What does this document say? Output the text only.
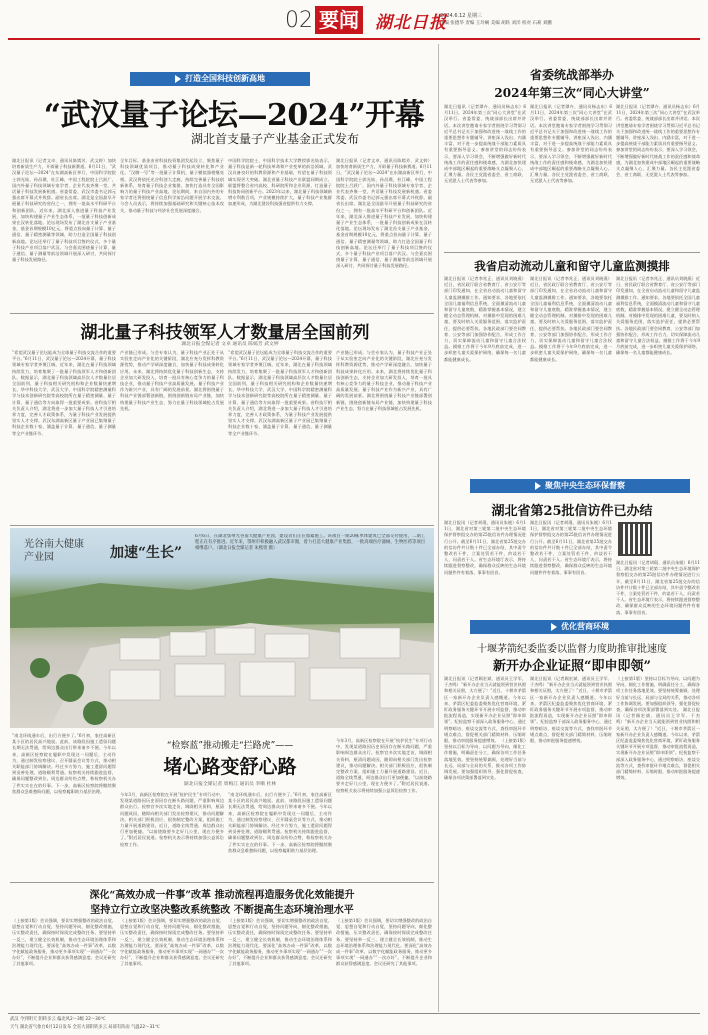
02 要闻 湖北日报
2024.6.12 星期三
主编 张德华 责编 王玲娴 美编 胡轶 刘洋 校对 石莉 刘鹏
打造全国科技创新高地
“武汉量子论坛—2024”开幕
湖北首支量子产业基金正式发布
湖北日报讯（记者文卓、通讯员陈嫣芳、武文婷）加快培育新质生产力，开辟量子科技新赛道。6月11日，“武汉量子论坛—2024”在东湖高新区举行，中国科学院院士郭光灿、孙昌璞、杜江峰，中国工程院院士吕跃广，国内外量子科技领域专家学者、企业代表齐聚一堂，共话量子科技发展新机遇。省委常委、武汉市委书记郭元强出席开幕式并致辞。副省长出席。湖北是全国最早开展量子科技研究的省份之一，拥有一批高水平科研平台和创新团队。近年来，湖北深入推进量子科技产业发展，加快构建量子产业生态体系，一批量子科技创新成果在汉转化落地。论坛现场发布了湖北首支量子产业基金，基金首期规模10亿元，将重点投向量子计算、量子通信、量子精密测量等领域，助力打造全国量子科技创新高地。论坛还举行了量子科技项目签约仪式，多个量子科技产业项目落户武汉。与会嘉宾围绕量子计算、量子通信、量子测量等前沿领域开展深入研讨，共同探讨量子科技发展路径。
全年目标。基金由省科技投资集团发起设立，聚焦量子科技领域优质项目，推动量子科技成果转化和产业化。“汉腾一号”等一批量子计算机、量子模拟器相继亮相。武汉将依托光谷科创大走廊，持续完善量子科技创新体系，培育量子科技企业集群，加快打造具有全国影响力的量子科技产业高地。论坛期间，来自国内外的专家学者还将围绕量子信息科学前沿问题开展学术交流。与会人员表示，将持续加强基础研究和关键核心技术攻关，推动量子科技与经济社会发展深度融合。
中国科学院院士、中国科学技术大学教授郭光灿表示，量子科技是新一轮科技革命和产业变革的前沿领域，武汉具备良好的科教资源和产业基础，有望在量子科技领域实现更大突破。湖北省量子科技产业联盟同期成立，联盟将整合省内高校、科研院所和企业资源，打造量子科技协同创新平台。2023年以来，湖北量子科技领域新增专利数百项，产业规模持续扩大，量子科技产业集群加速形成，为湖北建设科技强省提供有力支撑。
湖北日报讯（记者文卓、通讯员陈嫣芳、武文婷）加快培育新质生产力，开辟量子科技新赛道。6月11日，“武汉量子论坛—2024”在东湖高新区举行，中国科学院院士郭光灿、孙昌璞、杜江峰，中国工程院院士吕跃广，国内外量子科技领域专家学者、企业代表齐聚一堂，共话量子科技发展新机遇。省委常委、武汉市委书记郭元强出席开幕式并致辞。副省长出席。湖北是全国最早开展量子科技研究的省份之一，拥有一批高水平科研平台和创新团队。近年来，湖北深入推进量子科技产业发展，加快构建量子产业生态体系，一批量子科技创新成果在汉转化落地。论坛现场发布了湖北首支量子产业基金，基金首期规模10亿元，将重点投向量子计算、量子通信、量子精密测量等领域，助力打造全国量子科技创新高地。论坛还举行了量子科技项目签约仪式，多个量子科技产业项目落户武汉。与会嘉宾围绕量子计算、量子通信、量子测量等前沿领域开展深入研讨，共同探讨量子科技发展路径。
湖北量子科技领军人才数量居全国前列
湖北日报全媒记者 文卓 通讯员 陈嫣芳 武文婷
“希望武汉量子论坛能成为全球量子科技交流合作的重要平台。”6月11日，武汉量子论坛—2024开幕，量子科技领域专家学者齐聚江城。近年来，湖北在量子科技领域持续发力，培育集聚了一批量子科技领军人才和创新团队。数据显示，湖北量子科技领域高层次人才数量位居全国前列，量子科技相关研究机构和企业数量快速增长。华中科技大学、武汉大学、中国科学院精密测量科学与技术创新研究院等高校院所在量子精密测量、量子计算、量子通信等方向取得一批重要成果。省科技厅相关负责人介绍，湖北将进一步加大量子科技人才引进培养力度，完善人才政策体系，为量子科技产业发展提供坚实人才支撑。武汉东湖高新区量子产业园已集聚量子科技企业数十家，涵盖量子计算、量子通信、量子测量等全产业链环节。
产业链已形成。与会专家认为，量子科技产业正处于从实验室走向产业化的关键阶段，湖北应充分发挥科教资源优势，推动产学研深度融合，加快量子科技成果转化应用。未来，湖北将持续优化量子科技创新生态，支持企业加大研发投入，培育一批具有核心竞争力的量子科技企业，推动量子科技产业高质量发展。量子科技产业作为新兴产业，具有广阔的发展前景。湖北将围绕量子科技产业链部署创新链，围绕创新链布局产业链，加快构建量子科技产业生态，努力在量子科技领域抢占发展先机。
“希望武汉量子论坛能成为全球量子科技交流合作的重要平台。”6月11日，武汉量子论坛—2024开幕，量子科技领域专家学者齐聚江城。近年来，湖北在量子科技领域持续发力，培育集聚了一批量子科技领军人才和创新团队。数据显示，湖北量子科技领域高层次人才数量位居全国前列，量子科技相关研究机构和企业数量快速增长。华中科技大学、武汉大学、中国科学院精密测量科学与技术创新研究院等高校院所在量子精密测量、量子计算、量子通信等方向取得一批重要成果。省科技厅相关负责人介绍，湖北将进一步加大量子科技人才引进培养力度，完善人才政策体系，为量子科技产业发展提供坚实人才支撑。武汉东湖高新区量子产业园已集聚量子科技企业数十家，涵盖量子计算、量子通信、量子测量等全产业链环节。
产业链已形成。与会专家认为，量子科技产业正处于从实验室走向产业化的关键阶段，湖北应充分发挥科教资源优势，推动产学研深度融合，加快量子科技成果转化应用。未来，湖北将持续优化量子科技创新生态，支持企业加大研发投入，培育一批具有核心竞争力的量子科技企业，推动量子科技产业高质量发展。量子科技产业作为新兴产业，具有广阔的发展前景。湖北将围绕量子科技产业链部署创新链，围绕创新链布局产业链，加快构建量子科技产业生态，努力在量子科技领域抢占发展先机。
光谷南大健康产业园	加速“生长”
6月6日，在湖北鄂州光谷南大健康产业园，建设者们正在加紧施工。该项目一期20栋单体建筑已全部交付使用，二期工程正在有序推进。近年来，鄂州市积极融入武汉都市圈，着力打造大健康产业集群，一批高端医疗器械、生物医药等项目相继落户。（湖北日报全媒记者 朱熙勇 摄）
“南北环线通车后，出行方便多了。”6月初，家住高新区某小区的居民高兴地说。此前，该路段因施工遗留问题长期无法贯通，给周边群众出行带来诸多不便。今年以来，高新区检察院在履职中发现这一问题后，主动作为，通过制发检察建议、召开圆桌会议等方式，推动相关职能部门协调解决。经过多方努力，施工遗留问题得到妥善处理，道路顺利贯通。检察机关持续跟进监督，确保问题整改到位。周边群众纷纷点赞，称检察机关办了件实实在在的好事。下一步，高新区检察院将继续聚焦群众急难愁盼问题，以检察履职助力基层治理。
“检察蓝”推动搬走“拦路虎”——
堵心路变舒心路
湖北日报全媒记者 周梅江 通讯员 李顺 杜林
今年3月，高新区检察院在开展“检护民生”专项行动中，发现某道路因历史原因存在断头路问题，严重影响周边群众出行。检察官多次实地走访，调阅相关资料，厘清问题成因，随即向相关部门发出检察建议，推动问题解决。相关部门积极回应，很快制定整改方案，组织施工力量开展道路建设。近日，道路全线贯通，周边群众出行更加便捷。“以前绕路要多走好几公里，现在方便多了。”附近居民说道。检察机关表示将持续加强公益诉讼检察工作。
“南北环线通车后，出行方便多了。”6月初，家住高新区某小区的居民高兴地说。此前，该路段因施工遗留问题长期无法贯通，给周边群众出行带来诸多不便。今年以来，高新区检察院在履职中发现这一问题后，主动作为，通过制发检察建议、召开圆桌会议等方式，推动相关职能部门协调解决。经过多方努力，施工遗留问题得到妥善处理，道路顺利贯通。检察机关持续跟进监督，确保问题整改到位。周边群众纷纷点赞，称检察机关办了件实实在在的好事。下一步，高新区检察院将继续聚焦群众急难愁盼问题，以检察履职助力基层治理。
今年3月，高新区检察院在开展“检护民生”专项行动中，发现某道路因历史原因存在断头路问题，严重影响周边群众出行。检察官多次实地走访，调阅相关资料，厘清问题成因，随即向相关部门发出检察建议，推动问题解决。相关部门积极回应，很快制定整改方案，组织施工力量开展道路建设。近日，道路全线贯通，周边群众出行更加便捷。“以前绕路要多走好几公里，现在方便多了。”附近居民说道。检察机关表示将持续加强公益诉讼检察工作。
深化“高效办成一件事”改革 推动流程再造服务优化效能提升
坚持立行立改坚决整改系统整改 不断提高生态环境治理水平
（上接第1版）会议强调，要切实增强整改的政治自觉、思想自觉和行动自觉，坚持问题导向，细化整改措施，压实整改责任，确保按时保质完成整改任务。要坚持举一反三，建立健全长效机制，推动生态环境治理体系和治理能力现代化。要深化“高效办成一件事”改革，以数字化赋能政务服务，推动更多事项实现“一网通办”“一次办好”，不断提升企业和群众获得感满意度。会议还研究了其他事项。
（上接第1版）会议强调，要切实增强整改的政治自觉、思想自觉和行动自觉，坚持问题导向，细化整改措施，压实整改责任，确保按时保质完成整改任务。要坚持举一反三，建立健全长效机制，推动生态环境治理体系和治理能力现代化。要深化“高效办成一件事”改革，以数字化赋能政务服务，推动更多事项实现“一网通办”“一次办好”，不断提升企业和群众获得感满意度。会议还研究了其他事项。
（上接第1版）会议强调，要切实增强整改的政治自觉、思想自觉和行动自觉，坚持问题导向，细化整改措施，压实整改责任，确保按时保质完成整改任务。要坚持举一反三，建立健全长效机制，推动生态环境治理体系和治理能力现代化。要深化“高效办成一件事”改革，以数字化赋能政务服务，推动更多事项实现“一网通办”“一次办好”，不断提升企业和群众获得感满意度。会议还研究了其他事项。
（上接第1版）会议强调，要切实增强整改的政治自觉、思想自觉和行动自觉，坚持问题导向，细化整改措施，压实整改责任，确保按时保质完成整改任务。要坚持举一反三，建立健全长效机制，推动生态环境治理体系和治理能力现代化。要深化“高效办成一件事”改革，以数字化赋能政务服务，推动更多事项实现“一网通办”“一次办好”，不断提升企业和群众获得感满意度。会议还研究了其他事项。
省委统战部举办
2024年第三次“同心大讲堂”
湖北日报讯（记者谭卉、通讯员杨志东）6月11日，2024年第三次“同心大讲堂”在武汉举行。省委常委、统战部部长出席并讲话。本次讲堂邀请专家学者围绕学习贯彻习近平总书记关于加强和改进统一战线工作的重要思想作专题辅导。讲座深入浅出、内涵丰富，对于进一步提高统战干部能力素质具有重要指导意义。参加讲堂的同志纷纷表示，要深入学习领会，不断增强做好新时代统战工作的责任感和使命感，为湖北加快建成中部地区崛起的重要战略支点凝聚人心、汇聚力量。各民主党派省委会、省工商联、无党派人士代表等参加。
湖北日报讯（记者谭卉、通讯员杨志东）6月11日，2024年第三次“同心大讲堂”在武汉举行。省委常委、统战部部长出席并讲话。本次讲堂邀请专家学者围绕学习贯彻习近平总书记关于加强和改进统一战线工作的重要思想作专题辅导。讲座深入浅出、内涵丰富，对于进一步提高统战干部能力素质具有重要指导意义。参加讲堂的同志纷纷表示，要深入学习领会，不断增强做好新时代统战工作的责任感和使命感，为湖北加快建成中部地区崛起的重要战略支点凝聚人心、汇聚力量。各民主党派省委会、省工商联、无党派人士代表等参加。
湖北日报讯（记者谭卉、通讯员杨志东）6月11日，2024年第三次“同心大讲堂”在武汉举行。省委常委、统战部部长出席并讲话。本次讲堂邀请专家学者围绕学习贯彻习近平总书记关于加强和改进统一战线工作的重要思想作专题辅导。讲座深入浅出、内涵丰富，对于进一步提高统战干部能力素质具有重要指导意义。参加讲堂的同志纷纷表示，要深入学习领会，不断增强做好新时代统战工作的责任感和使命感，为湖北加快建成中部地区崛起的重要战略支点凝聚人心、汇聚力量。各民主党派省委会、省工商联、无党派人士代表等参加。
我省启动流动儿童和留守儿童监测摸排
湖北日报讯（记者李兆正、通讯员刘晓燕）近日，省民政厅联合省教育厅、省公安厅等部门印发通知，在全省启动流动儿童和留守儿童监测摸排工作。通知要求，各地要依托全国儿童福利信息系统，全面摸清流动儿童和留守儿童底数，精准掌握基本情况，建立健全动态管理机制。对摸排中发现的困难儿童，要及时纳入关爱服务范围，落实监护责任，提供必要帮扶。各地民政部门要会同教育、公安等部门加强协作配合，形成工作合力，切实保障流动儿童和留守儿童合法权益。摸排工作将于今年9月底前完成，进一步织密儿童关爱保护网络，确保每一名儿童都能健康成长。
湖北日报讯（记者李兆正、通讯员刘晓燕）近日，省民政厅联合省教育厅、省公安厅等部门印发通知，在全省启动流动儿童和留守儿童监测摸排工作。通知要求，各地要依托全国儿童福利信息系统，全面摸清流动儿童和留守儿童底数，精准掌握基本情况，建立健全动态管理机制。对摸排中发现的困难儿童，要及时纳入关爱服务范围，落实监护责任，提供必要帮扶。各地民政部门要会同教育、公安等部门加强协作配合，形成工作合力，切实保障流动儿童和留守儿童合法权益。摸排工作将于今年9月底前完成，进一步织密儿童关爱保护网络，确保每一名儿童都能健康成长。
湖北日报讯（记者李兆正、通讯员刘晓燕）近日，省民政厅联合省教育厅、省公安厅等部门印发通知，在全省启动流动儿童和留守儿童监测摸排工作。通知要求，各地要依托全国儿童福利信息系统，全面摸清流动儿童和留守儿童底数，精准掌握基本情况，建立健全动态管理机制。对摸排中发现的困难儿童，要及时纳入关爱服务范围，落实监护责任，提供必要帮扶。各地民政部门要会同教育、公安等部门加强协作配合，形成工作合力，切实保障流动儿童和留守儿童合法权益。摸排工作将于今年9月底前完成，进一步织密儿童关爱保护网络，确保每一名儿童都能健康成长。
聚焦中央生态环保督察
湖北省第25批信访件已办结
湖北日报讯（记者胡琨、通讯员朱媛）6月11日，湖北省对第三轮第二批中央生态环境保护督察组交办的第25批信访件办理情况进行公开。截至6月11日，湖北省第25批交办的信访件共计数十件已全部办结，其中责令整改若干件，立案处罚若干件，约谈若干人，问责若干人。省生态环境厅表示，将持续跟进督察整改，确保群众反映的生态环境问题件件有着落、事事有回音。
湖北日报讯（记者胡琨、通讯员朱媛）6月11日，湖北省对第三轮第二批中央生态环境保护督察组交办的第25批信访件办理情况进行公开。截至6月11日，湖北省第25批交办的信访件共计数十件已全部办结，其中责令整改若干件，立案处罚若干件，约谈若干人，问责若干人。省生态环境厅表示，将持续跟进督察整改，确保群众反映的生态环境问题件件有着落、事事有回音。
湖北日报讯（记者胡琨、通讯员朱媛）6月11日，湖北省对第三轮第二批中央生态环境保护督察组交办的第25批信访件办理情况进行公开。截至6月11日，湖北省第25批交办的信访件共计数十件已全部办结，其中责令整改若干件，立案处罚若干件，约谈若干人，问责若干人。省生态环境厅表示，将持续跟进督察整改，确保群众反映的生态环境问题件件有着落、事事有回音。
优化营商环境
十堰茅箭纪委监委以监督力度助推审批速度
新开办企业证照“即申即领”
湖北日报讯（记者顾宏斌、通讯员王学军、于杰鸣）“新开办企业当天就能领到营业执照和相关证照，太方便了！”近日，十堰市茅箭区一家新开办企业负责人感慨道。今年以来，茅箭区纪委监委聚焦优化营商环境，紧盯政务服务关键环节开展专项监督，推动审批流程再造，实现新开办企业证照“即申即领”。纪检监察干部深入政务服务中心，通过明察暗访、座谈交流等方式，查找审批环节堵点难点，督促相关部门精简材料、压缩时限，推动审批服务提速增效。 （上接第1版）坚持以目标为导向、以问题为导向，细化工作措施，明确责任分工，确保各项工作任务落地见效。要坚持统筹兼顾，处理好当前与长远、局部与全局的关系，推动各项工作协调发展。要加强组织领导，强化督促检查，确保各项决策部署落到实处。
湖北日报讯（记者顾宏斌、通讯员王学军、于杰鸣）“新开办企业当天就能领到营业执照和相关证照，太方便了！”近日，十堰市茅箭区一家新开办企业负责人感慨道。今年以来，茅箭区纪委监委聚焦优化营商环境，紧盯政务服务关键环节开展专项监督，推动审批流程再造，实现新开办企业证照“即申即领”。纪检监察干部深入政务服务中心，通过明察暗访、座谈交流等方式，查找审批环节堵点难点，督促相关部门精简材料、压缩时限，推动审批服务提速增效。
（上接第1版）坚持以目标为导向、以问题为导向，细化工作措施，明确责任分工，确保各项工作任务落地见效。要坚持统筹兼顾，处理好当前与长远、局部与全局的关系，推动各项工作协调发展。要加强组织领导，强化督促检查，确保各项决策部署落到实处。 湖北日报讯（记者顾宏斌、通讯员王学军、于杰鸣）“新开办企业当天就能领到营业执照和相关证照，太方便了！”近日，十堰市茅箭区一家新开办企业负责人感慨道。今年以来，茅箭区纪委监委聚焦优化营商环境，紧盯政务服务关键环节开展专项监督，推动审批流程再造，实现新开办企业证照“即申即领”。纪检监察干部深入政务服务中心，通过明察暗访、座谈交流等方式，查找审批环节堵点难点，督促相关部门精简材料、压缩时限，推动审批服务提速增效。
武汉 今到明天 阴转多云 偏北风2～3级 22～30℃
天气 湖北省气象台6月12日发布 全省大部阴转多云 局部有阵雨 气温22～31℃
